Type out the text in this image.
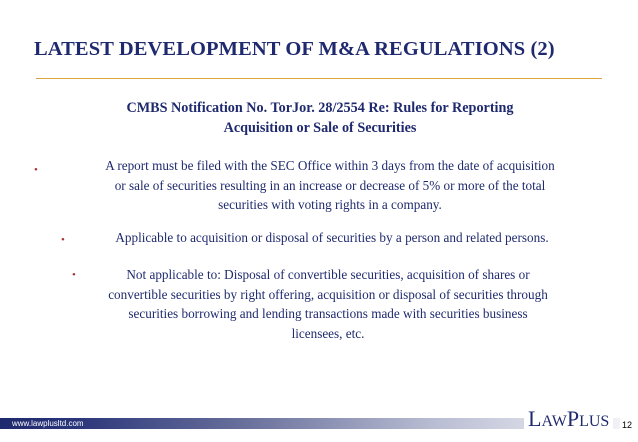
LATEST DEVELOPMENT OF M&A REGULATIONS (2)
CMBS Notification No. TorJor. 28/2554 Re: Rules for Reporting
Acquisition or Sale of Securities
•	A report must be filed with the SEC Office within 3 days from the date of acquisition
or sale of securities resulting in an increase or decrease of 5% or more of the total
securities with voting rights in a company.
•	Applicable to acquisition or disposal of securities by a person and related persons.
•	Not applicable to: Disposal of convertible securities, acquisition of shares or
convertible securities by right offering, acquisition or disposal of securities through
securities borrowing and lending transactions made with securities business
licensees, etc.
www.lawplusltd.com	LAWPLUS	12
